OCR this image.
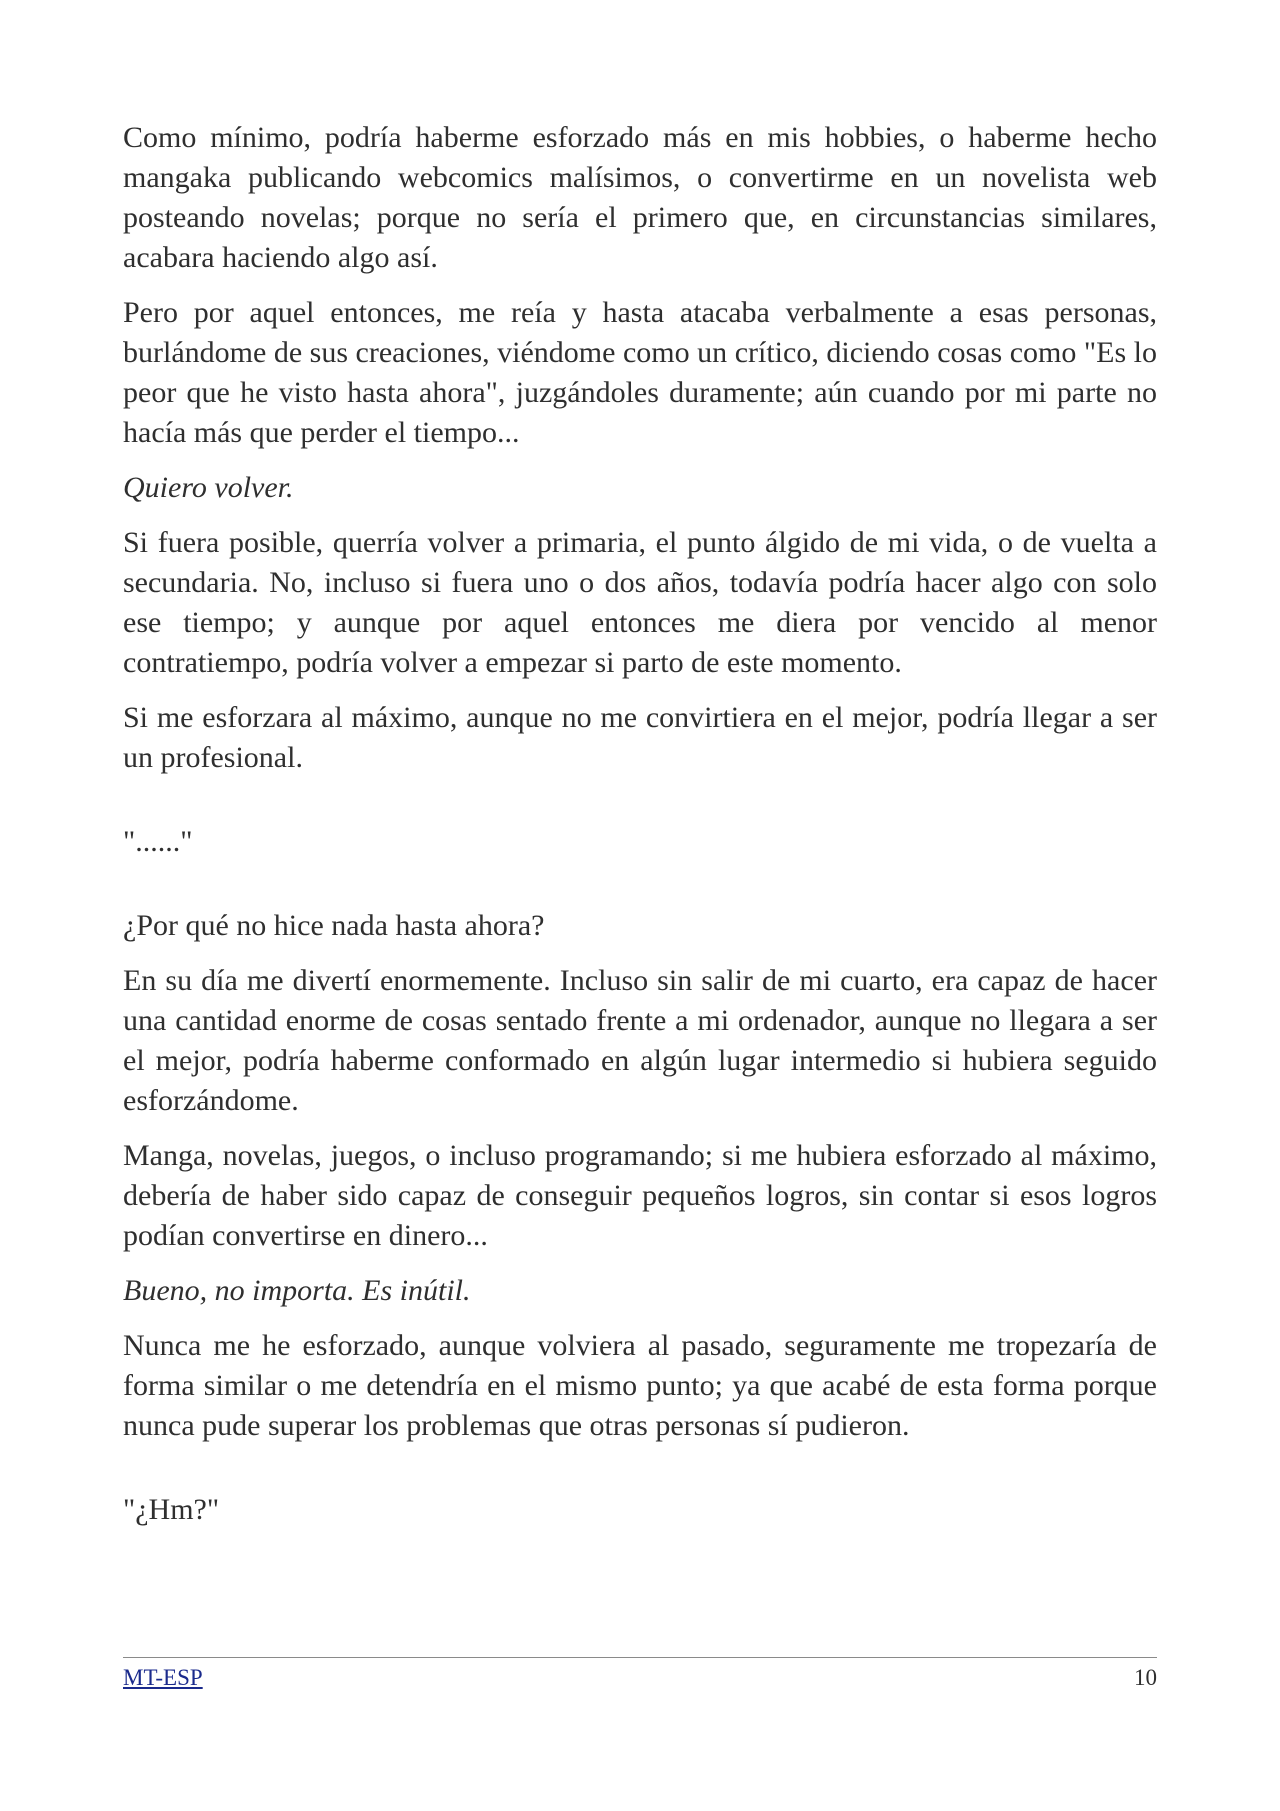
Como mínimo, podría haberme esforzado más en mis hobbies, o haberme hecho mangaka publicando webcomics malísimos, o convertirme en un novelista web posteando novelas; porque no sería el primero que, en circunstancias similares, acabara haciendo algo así.

Pero por aquel entonces, me reía y hasta atacaba verbalmente a esas personas, burlándome de sus creaciones, viéndome como un crítico, diciendo cosas como "Es lo peor que he visto hasta ahora", juzgándoles duramente; aún cuando por mi parte no hacía más que perder el tiempo...

Quiero volver.

Si fuera posible, querría volver a primaria, el punto álgido de mi vida, o de vuelta a secundaria. No, incluso si fuera uno o dos años, todavía podría hacer algo con solo ese tiempo; y aunque por aquel entonces me diera por vencido al menor contratiempo, podría volver a empezar si parto de este momento.

Si me esforzara al máximo, aunque no me convirtiera en el mejor, podría llegar a ser un profesional.

"......"

¿Por qué no hice nada hasta ahora?

En su día me divertí enormemente. Incluso sin salir de mi cuarto, era capaz de hacer una cantidad enorme de cosas sentado frente a mi ordenador, aunque no llegara a ser el mejor, podría haberme conformado en algún lugar intermedio si hubiera seguido esforzándome.

Manga, novelas, juegos, o incluso programando; si me hubiera esforzado al máximo, debería de haber sido capaz de conseguir pequeños logros, sin contar si esos logros podían convertirse en dinero...

Bueno, no importa. Es inútil.

Nunca me he esforzado, aunque volviera al pasado, seguramente me tropezaría de forma similar o me detendría en el mismo punto; ya que acabé de esta forma porque nunca pude superar los problemas que otras personas sí pudieron.

"¿Hm?"

MT-ESP	10
